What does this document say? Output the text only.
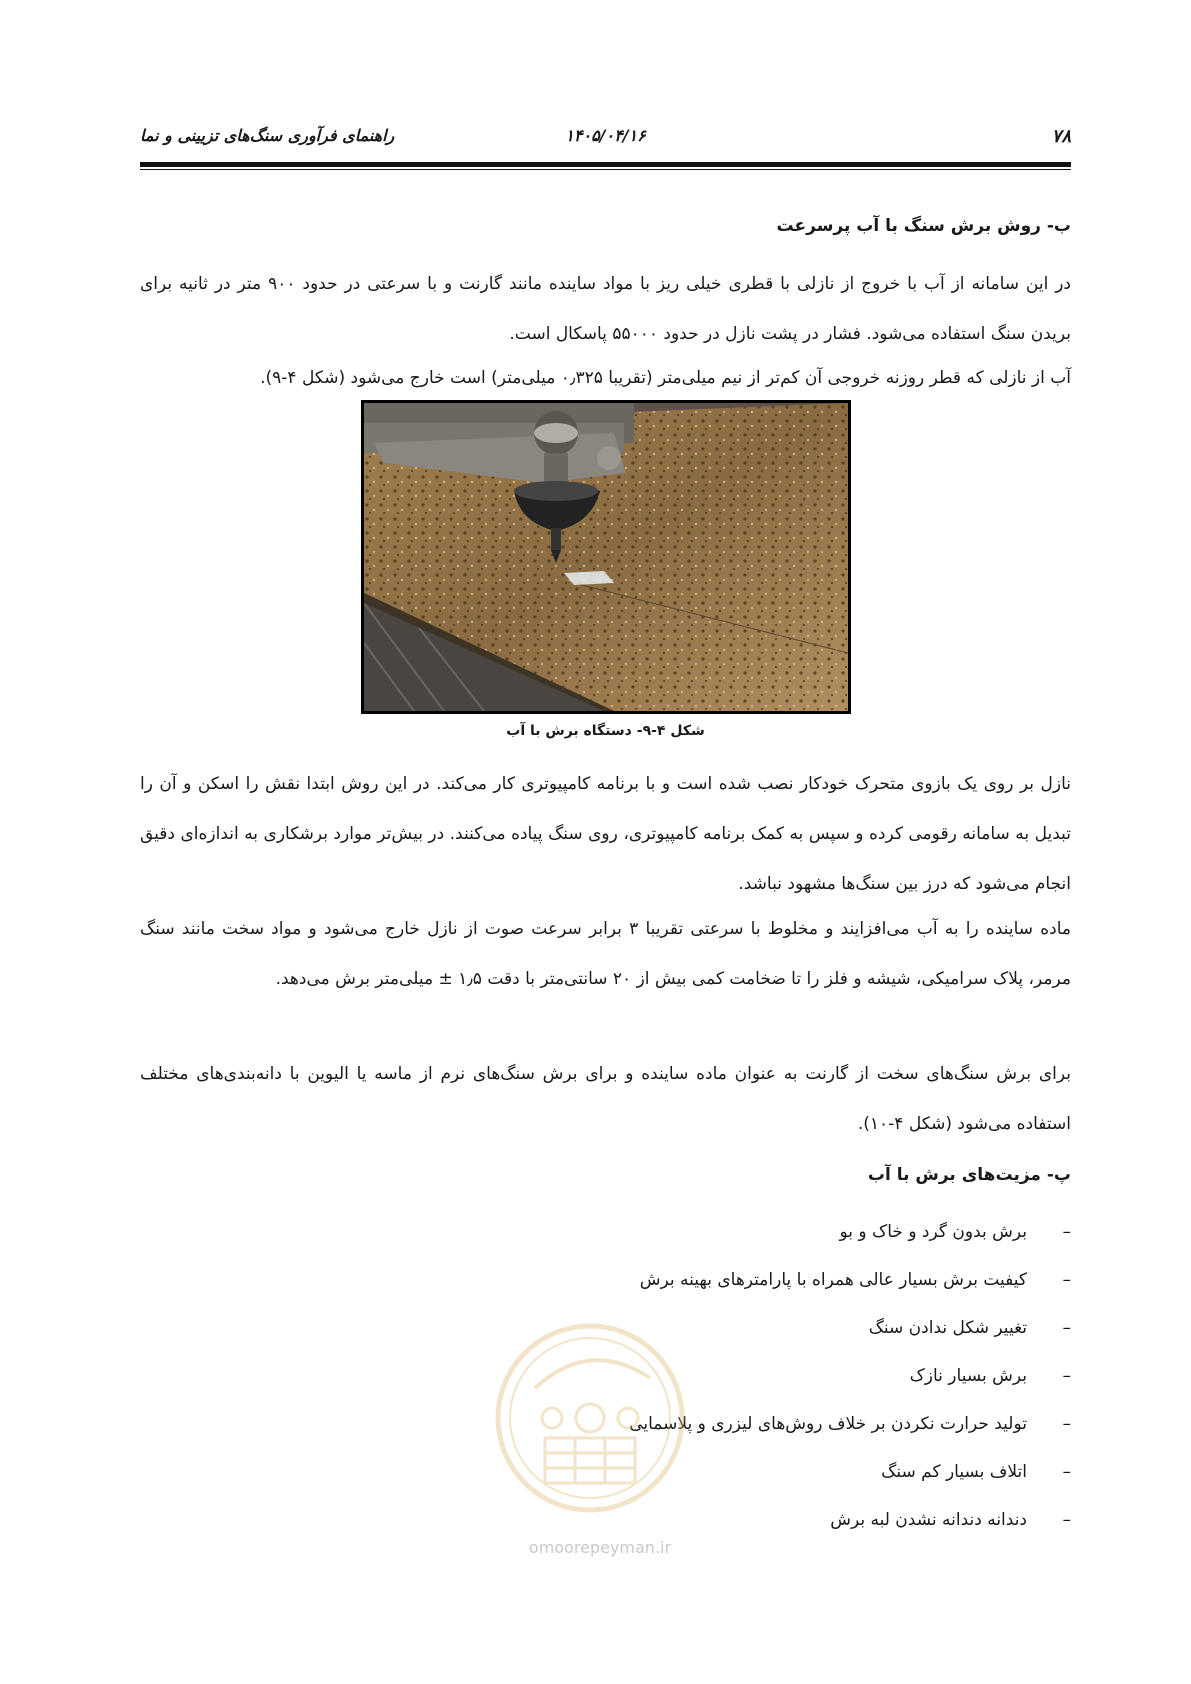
۷۸
۱۴۰۵/۰۴/۱۶
راهنمای فرآوری سنگ‌های تزیینی و نما
ب- روش برش سنگ با آب پرسرعت
در این سامانه از آب با خروج از نازلی با قطری خیلی ریز با مواد ساینده مانند گارنت و با سرعتی در حدود ۹۰۰ متر در ثانیه برای بریدن سنگ استفاده می‌شود. فشار در پشت نازل در حدود ۵۵۰۰۰ پاسکال است.
آب از نازلی که قطر روزنه خروجی آن کم‌تر از نیم میلی‌متر (تقریبا ۰٫۳۲۵ میلی‌متر) است خارج می‌شود (شکل ۴-۹).
شکل ۴-۹- دستگاه برش با آب
نازل بر روی یک بازوی متحرک خودکار نصب شده است و با برنامه کامپیوتری کار می‌کند. در این روش ابتدا نقش را اسکن و آن را تبدیل به سامانه رقومی کرده و سپس به کمک برنامه کامپیوتری، روی سنگ پیاده می‌کنند. در بیش‌تر موارد برشکاری به اندازه‌ای دقیق انجام می‌شود که درز بین سنگ‌ها مشهود نباشد.
ماده ساینده را به آب می‌افزایند و مخلوط با سرعتی تقریبا ۳ برابر سرعت صوت از نازل خارج می‌شود و مواد سخت مانند سنگ مرمر، پلاک سرامیکی، شیشه و فلز را تا ضخامت کمی بیش از ۲۰ سانتی‌متر با دقت ۱٫۵ ± میلی‌متر برش می‌دهد.
برای برش سنگ‌های سخت از گارنت به عنوان ماده ساینده و برای برش سنگ‌های نرم از ماسه یا الیوین با دانه‌بندی‌های مختلف استفاده می‌شود (شکل ۴-۱۰).
پ- مزیت‌های برش با آب
–
برش بدون گرد و خاک و بو
–
کیفیت برش بسیار عالی همراه با پارامترهای بهینه برش
–
تغییر شکل ندادن سنگ
–
برش بسیار نازک
–
تولید حرارت نکردن بر خلاف روش‌های لیزری و پلاسمایی
–
اتلاف بسیار کم سنگ
–
دندانه دندانه نشدن لبه برش
omoorepeyman.ir
